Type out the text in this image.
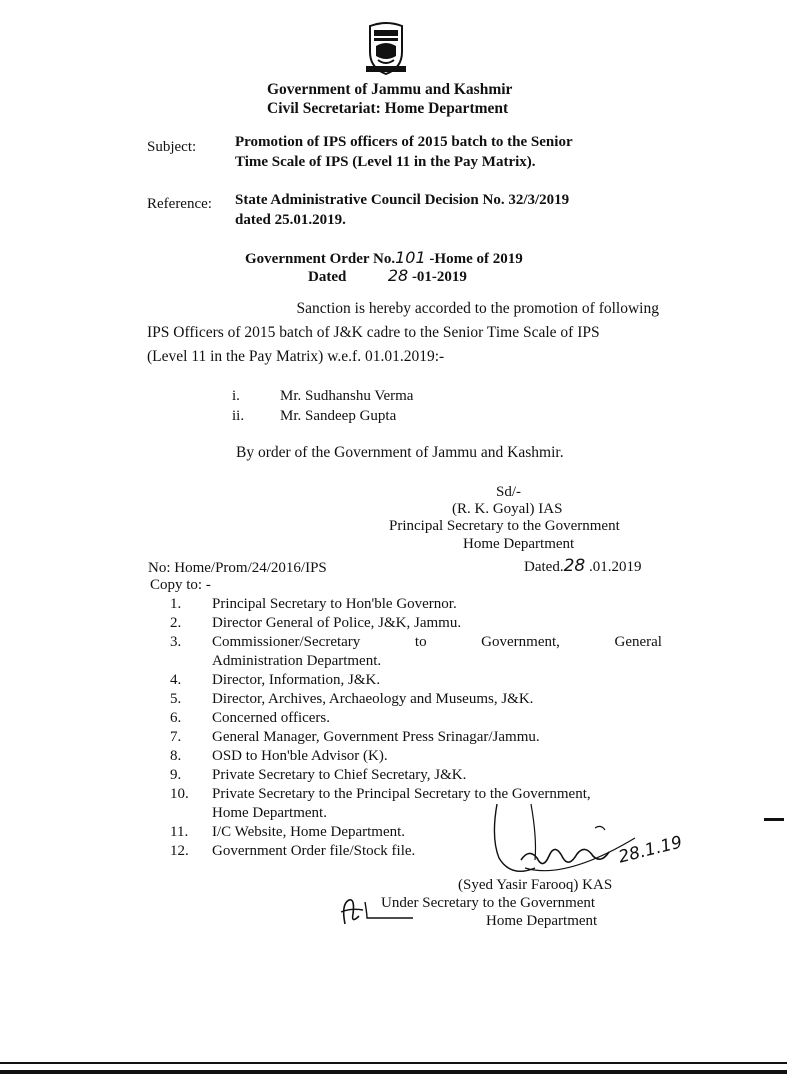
Government of Jammu and Kashmir
Civil Secretariat: Home Department
Subject:	Promotion of IPS officers of 2015 batch to the Senior
Time Scale of IPS (Level 11 in the Pay Matrix).
Reference: State Administrative Council Decision No. 32/3/2019
dated 25.01.2019.
Government Order No.101 -Home of 2019
Dated	28 -01-2019
Sanction is hereby accorded to the promotion of following
IPS Officers of 2015 batch of J&K cadre to the Senior Time Scale of IPS
(Level 11 in the Pay Matrix) w.e.f. 01.01.2019:-
i.	Mr. Sudhanshu Verma
ii.	Mr. Sandeep Gupta
By order of the Government of Jammu and Kashmir.
Sd/-
(R. K. Goyal) IAS
Principal Secretary to the Government
Home Department
No: Home/Prom/24/2016/IPS	Dated.28 .01.2019
Copy to: -
1.	Principal Secretary to Hon'ble Governor.
2.	Director General of Police, J&K, Jammu.
3.	Commissioner/Secretary	to	Government,	General
Administration Department.
4.	Director, Information, J&K.
5.	Director, Archives, Archaeology and Museums, J&K.
6.	Concerned officers.
7.	General Manager, Government Press Srinagar/Jammu.
8.	OSD to Hon'ble Advisor (K).
9.	Private Secretary to Chief Secretary, J&K.
10.	Private Secretary to the Principal Secretary to the Government,
Home Department.
11.	I/C Website, Home Department.
12.	Government Order file/Stock file.	28.1.19
(Syed Yasir Farooq) KAS
Under Secretary to the Government
Home Department
